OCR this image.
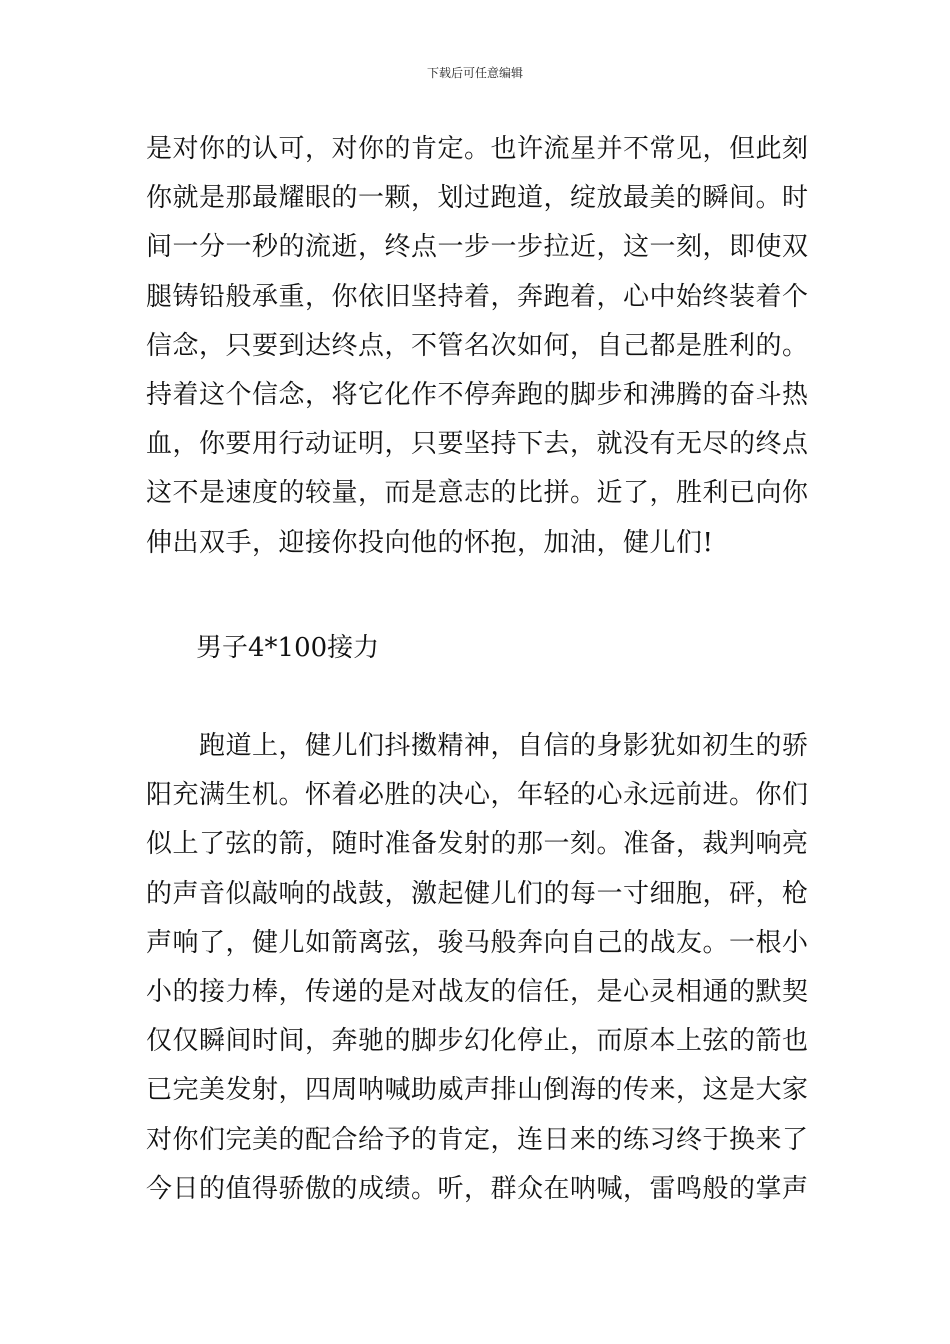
下载后可任意编辑
是对你的认可，对你的肯定。也许流星并不常见，但此刻
你就是那最耀眼的一颗，划过跑道，绽放最美的瞬间。时
间一分一秒的流逝，终点一步一步拉近，这一刻，即使双
腿铸铅般承重，你依旧坚持着，奔跑着，心中始终装着个
信念，只要到达终点，不管名次如何，自己都是胜利的。
持着这个信念，将它化作不停奔跑的脚步和沸腾的奋斗热
血，你要用行动证明，只要坚持下去，就没有无尽的终点
这不是速度的较量，而是意志的比拼。近了，胜利已向你
伸出双手，迎接你投向他的怀抱，加油，健儿们!
男子4*100接力
　　跑道上，健儿们抖擞精神，自信的身影犹如初生的骄
阳充满生机。怀着必胜的决心，年轻的心永远前进。你们
似上了弦的箭，随时准备发射的那一刻。准备，裁判响亮
的声音似敲响的战鼓，激起健儿们的每一寸细胞，砰，枪
声响了，健儿如箭离弦，骏马般奔向自己的战友。一根小
小的接力棒，传递的是对战友的信任，是心灵相通的默契
仅仅瞬间时间，奔驰的脚步幻化停止，而原本上弦的箭也
已完美发射，四周呐喊助威声排山倒海的传来，这是大家
对你们完美的配合给予的肯定，连日来的练习终于换来了
今日的值得骄傲的成绩。听，群众在呐喊，雷鸣般的掌声
